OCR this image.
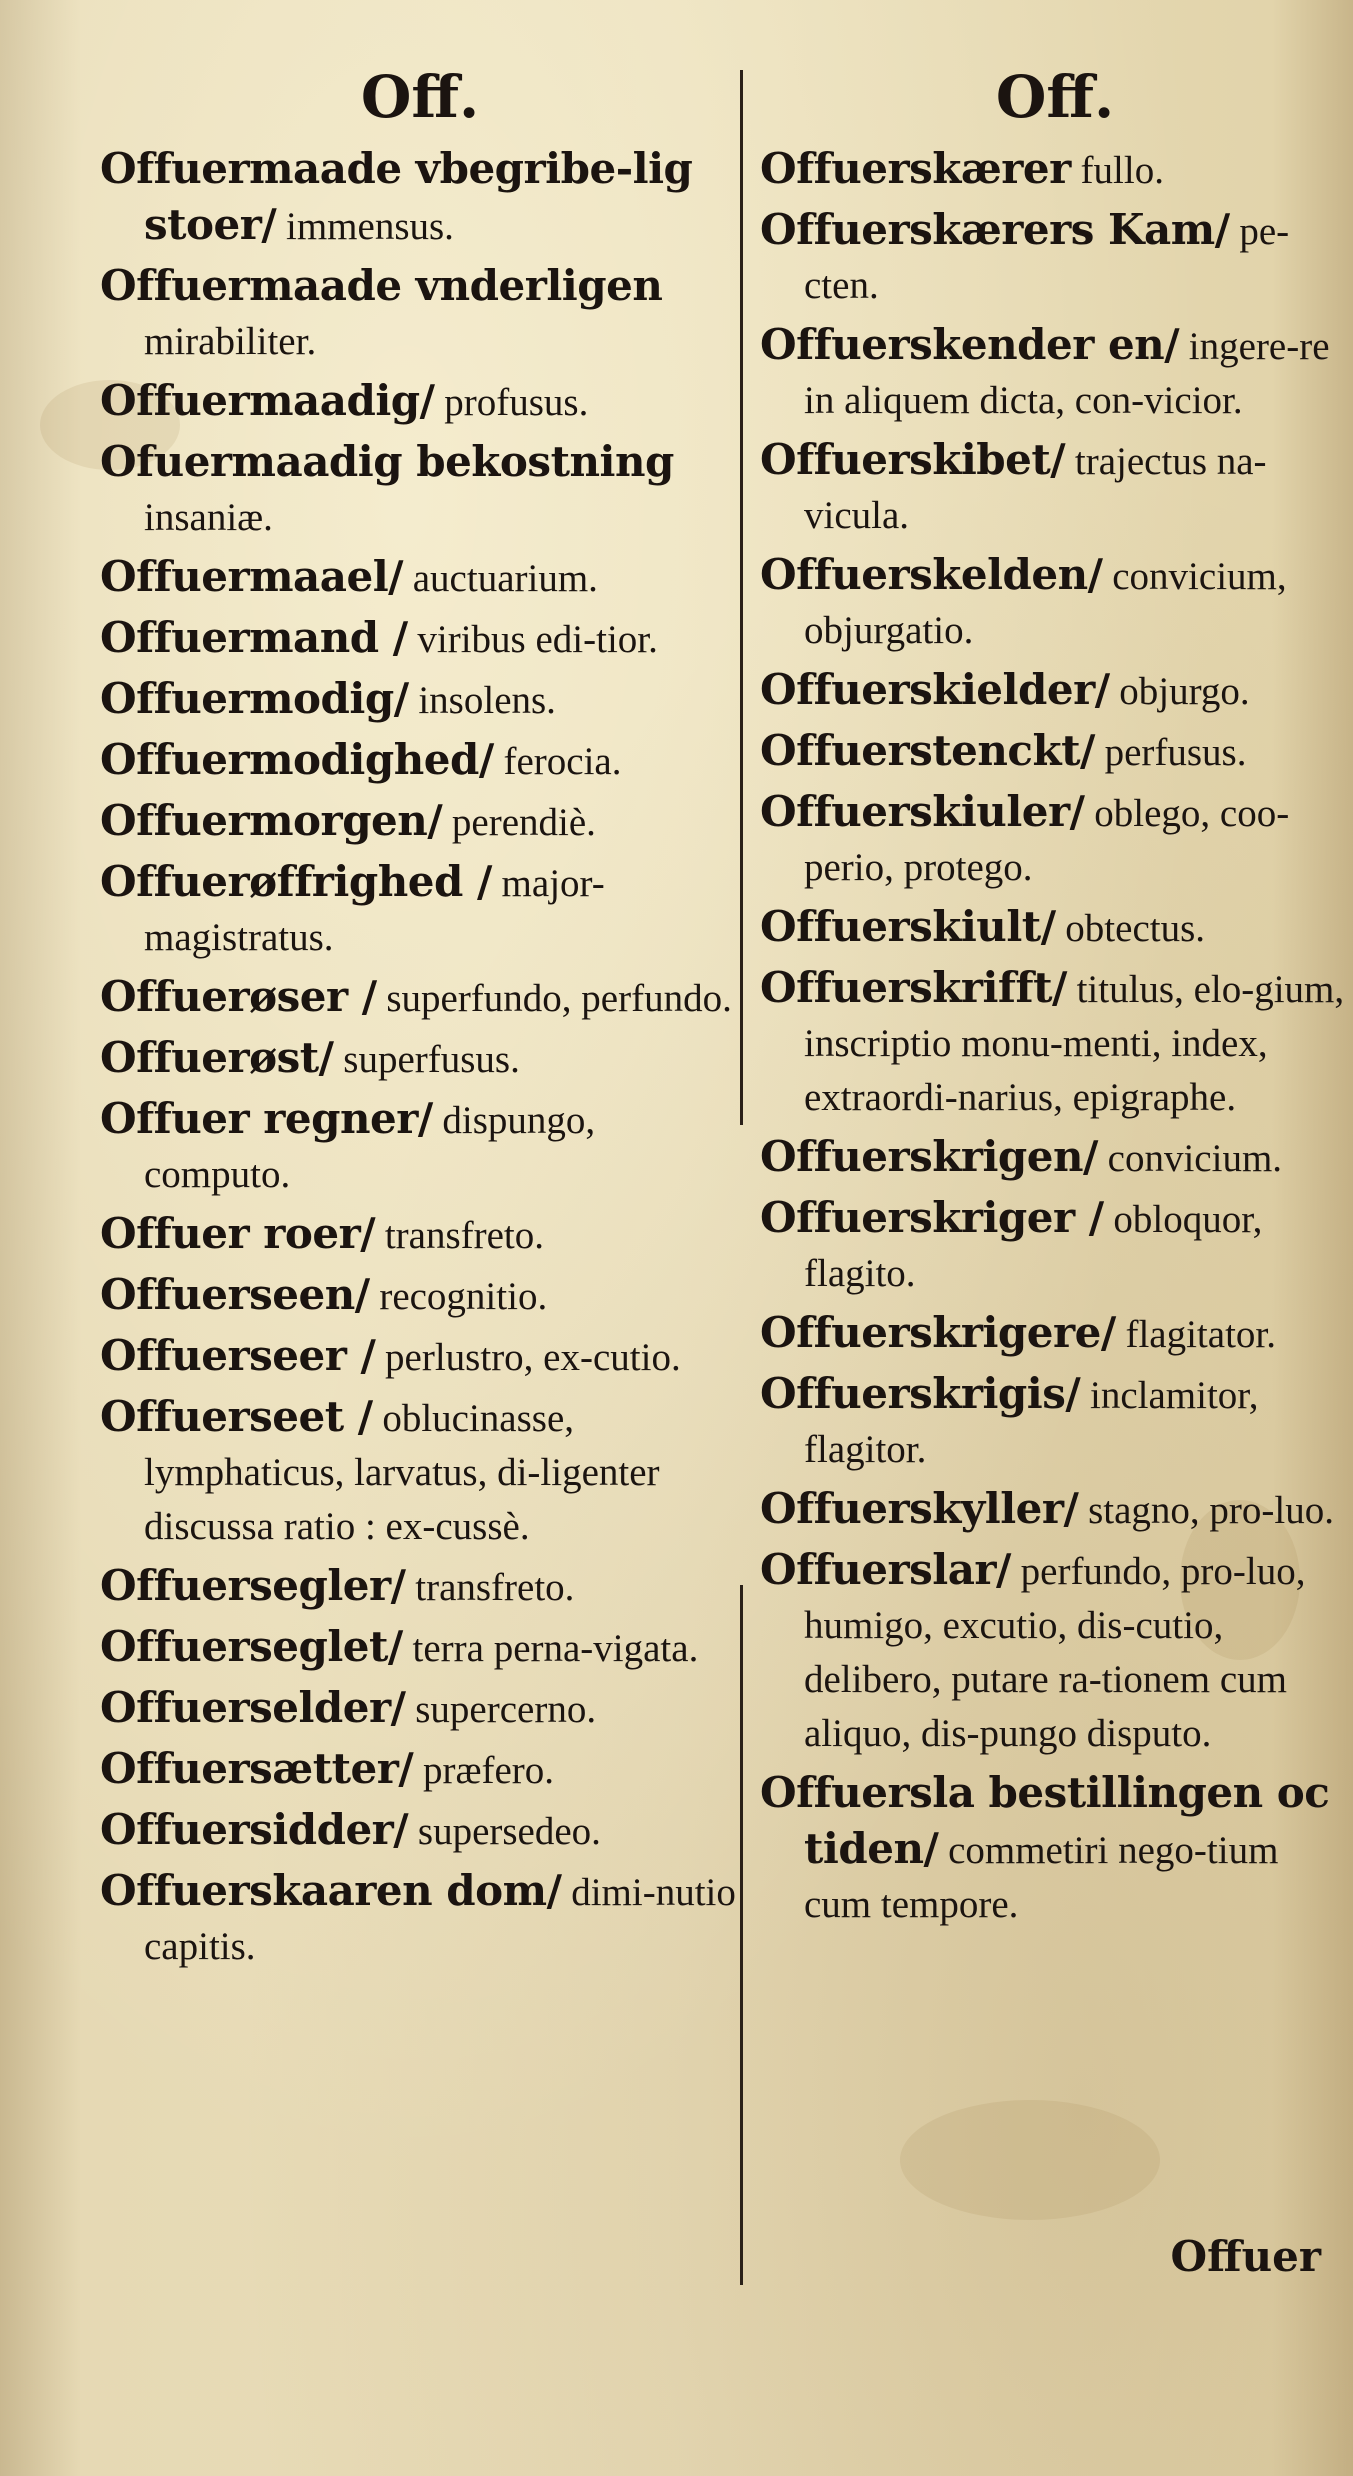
Off.
Offuermaade vbegribe-lig stoer/ immensus.
Offuermaade vnderligen mirabiliter.
Offuermaadig/ profusus.
Ofuermaadig bekostning insaniæ.
Offuermaael/ auctuarium.
Offuermand / viribus edi-tior.
Offuermodig/ insolens.
Offuermodighed/ ferocia.
Offuermorgen/ perendiè.
Offuerøffrighed / major-magistratus.
Offuerøser / superfundo, perfundo.
Offuerøst/ superfusus.
Offuer regner/ dispungo, computo.
Offuer roer/ transfreto.
Offuerseen/ recognitio.
Offuerseer / perlustro, ex-cutio.
Offuerseet / oblucinasse, lymphaticus, larvatus, di-ligenter discussa ratio : ex-cussè.
Offuersegler/ transfreto.
Offuerseglet/ terra perna-vigata.
Offuerselder/ supercerno.
Offuersætter/ præfero.
Offuersidder/ supersedeo.
Offuerskaaren dom/ dimi-nutio capitis.
Off.
Offuerskærer fullo.
Offuerskærers Kam/ pe-cten.
Offuerskender en/ ingere-re in aliquem dicta, con-vicior.
Offuerskibet/ trajectus na-vicula.
Offuerskelden/ convicium, objurgatio.
Offuerskielder/ objurgo.
Offuerstenckt/ perfusus.
Offuerskiuler/ oblego, coo-perio, protego.
Offuerskiult/ obtectus.
Offuerskrifft/ titulus, elo-gium, inscriptio monu-menti, index, extraordi-narius, epigraphe.
Offuerskrigen/ convicium.
Offuerskriger / obloquor, flagito.
Offuerskrigere/ flagitator.
Offuerskrigis/ inclamitor, flagitor.
Offuerskyller/ stagno, pro-luo.
Offuerslar/ perfundo, pro-luo, humigo, excutio, dis-cutio, delibero, putare ra-tionem cum aliquo, dis-pungo disputo.
Offuersla bestillingen oc tiden/ commetiri nego-tium cum tempore.
Offuer
